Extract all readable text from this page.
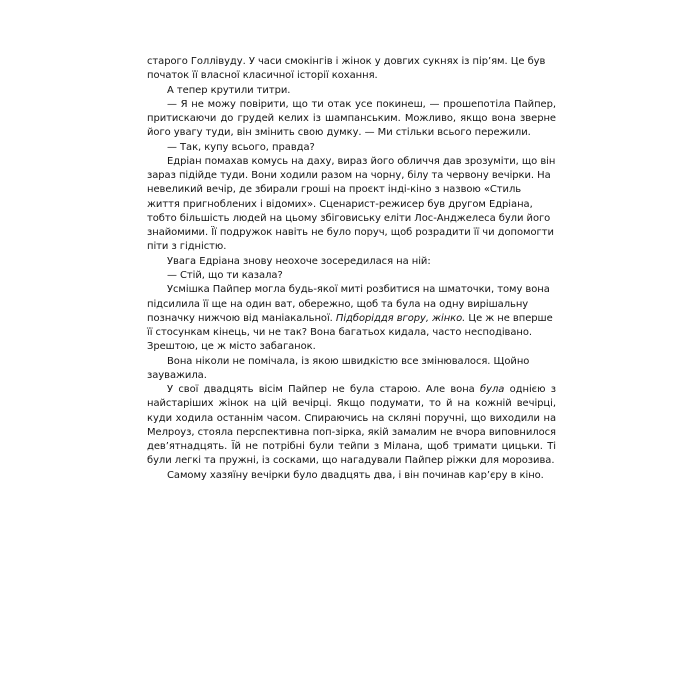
старого Голлівуду. У часи смокінгів і жінок у довгих сукнях із пір’ям. Це був початок її власної класичної історії кохання.

А тепер крутили титри.

— Я не можу повірити, що ти отак усе покинеш, — прошепотіла Пайпер, притискаючи до грудей келих із шампанським. Можливо, якщо вона зверне його увагу туди, він змінить свою думку. — Ми стільки всього пережили.

— Так, купу всього, правда?

Едріан помахав комусь на даху, вираз його обличчя дав зрозуміти, що він зараз підійде туди. Вони ходили разом на чорну, білу та червону вечірки. На невеликий вечір, де збирали гроші на проєкт інді-кіно з назвою «Стиль життя пригноблених і відомих». Сценарист-режисер був другом Едріана, тобто більшість людей на цьому збіговиську еліти Лос-Анджелеса були його знайомими. Її подружок навіть не було поруч, щоб розрадити її чи допомогти піти з гідністю.

Увага Едріана знову неохоче зосередилася на ній:

— Стій, що ти казала?

Усмішка Пайпер могла будь-якої миті розбитися на шматочки, тому вона підсилила її ще на один ват, обережно, щоб та була на одну вирішальну позначку нижчою від маніакальної. Підборіддя вгору, жінко. Це ж не вперше її стосункам кінець, чи не так? Вона багатьох кидала, часто несподівано. Зрештою, це ж місто забаганок.

Вона ніколи не помічала, із якою швидкістю все змінювалося. Щойно зауважила.

У свої двадцять вісім Пайпер не була старою. Але вона була однією з найстаріших жінок на цій вечірці. Якщо подумати, то й на кожній вечірці, куди ходила останнім часом. Спираючись на скляні поручні, що виходили на Мелроуз, стояла перспективна поп-зірка, якій замалим не вчора виповнилося дев’ятнадцять. Їй не потрібні були тейпи з Мілана, щоб тримати цицьки. Ті були легкі та пружні, із сосками, що нагадували Пайпер ріжки для морозива.

Самому хазяїну вечірки було двадцять два, і він починав кар’єру в кіно.
